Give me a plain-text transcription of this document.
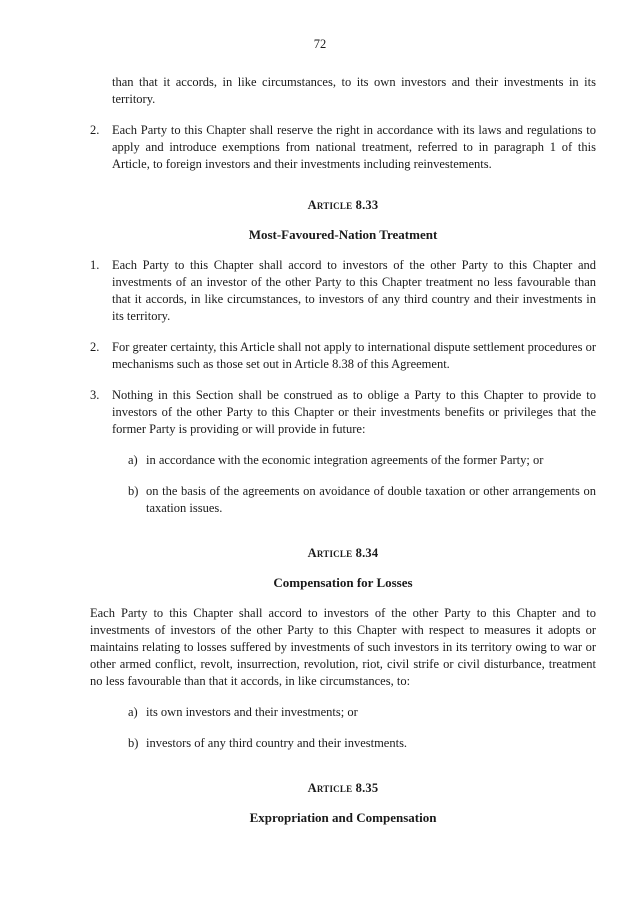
72

than that it accords, in like circumstances, to its own investors and their investments in its territory.

2. Each Party to this Chapter shall reserve the right in accordance with its laws and regulations to apply and introduce exemptions from national treatment, referred to in paragraph 1 of this Article, to foreign investors and their investments including reinvestements.
Article 8.33
Most-Favoured-Nation Treatment
1. Each Party to this Chapter shall accord to investors of the other Party to this Chapter and investments of an investor of the other Party to this Chapter treatment no less favourable than that it accords, in like circumstances, to investors of any third country and their investments in its territory.
2. For greater certainty, this Article shall not apply to international dispute settlement procedures or mechanisms such as those set out in Article 8.38 of this Agreement.
3. Nothing in this Section shall be construed as to oblige a Party to this Chapter to provide to investors of the other Party to this Chapter or their investments benefits or privileges that the former Party is providing or will provide in future:
a) in accordance with the economic integration agreements of the former Party; or
b) on the basis of the agreements on avoidance of double taxation or other arrangements on taxation issues.
Article 8.34
Compensation for Losses

Each Party to this Chapter shall accord to investors of the other Party to this Chapter and to investments of investors of the other Party to this Chapter with respect to measures it adopts or maintains relating to losses suffered by investments of such investors in its territory owing to war or other armed conflict, revolt, insurrection, revolution, riot, civil strife or civil disturbance, treatment no less favourable than that it accords, in like circumstances, to:

a) its own investors and their investments; or
b) investors of any third country and their investments.
Article 8.35
Expropriation and Compensation
